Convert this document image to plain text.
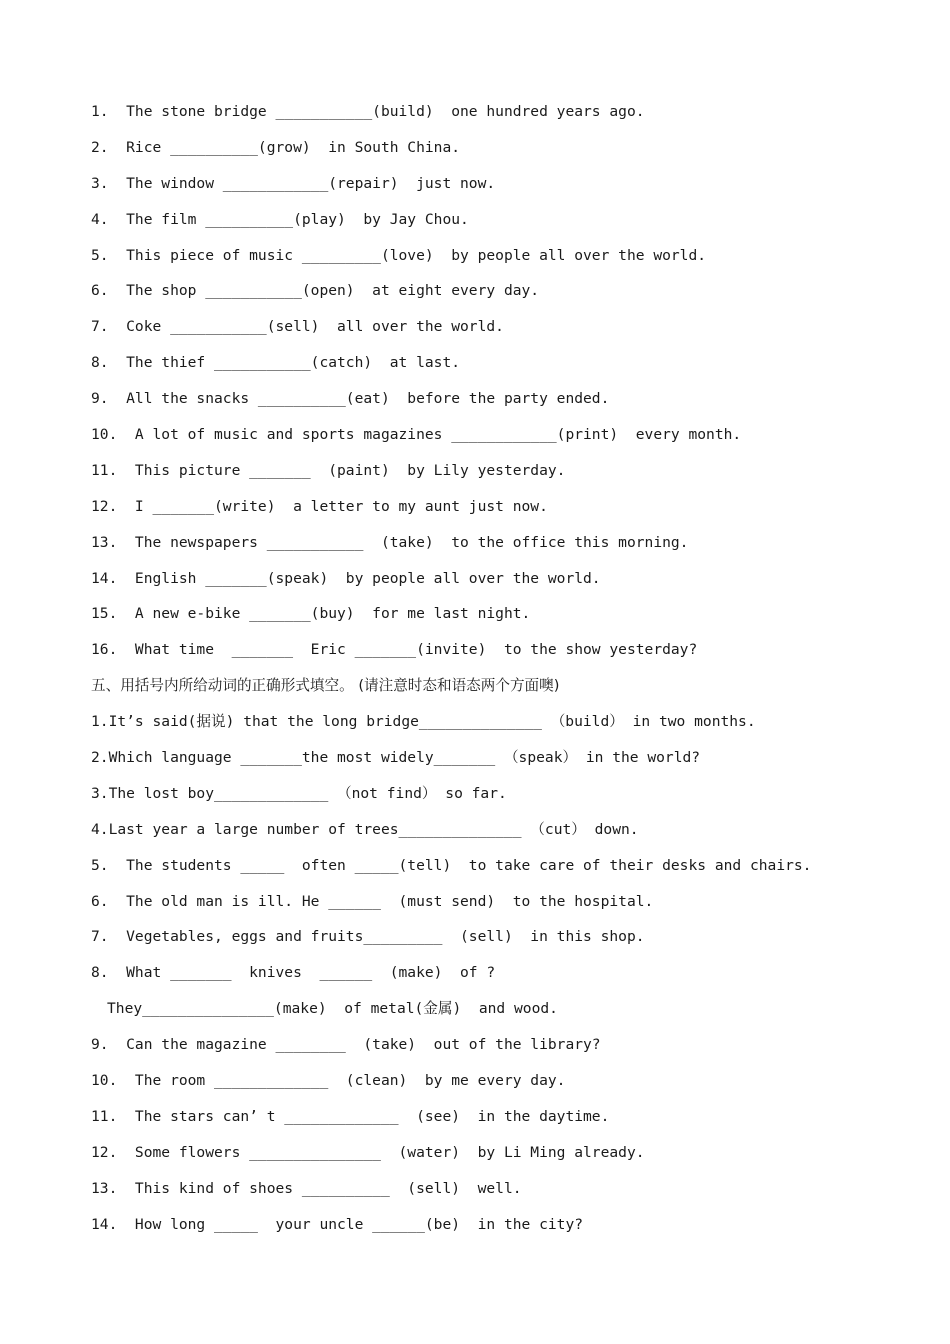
1.  The stone bridge ___________(build)  one hundred years ago.
2.  Rice __________(grow)  in South China.
3.  The window ____________(repair)  just now.
4.  The film __________(play)  by Jay Chou.
5.  This piece of music _________(love)  by people all over the world.
6.  The shop ___________(open)  at eight every day.
7.  Coke ___________(sell)  all over the world.
8.  The thief ___________(catch)  at last.
9.  All the snacks __________(eat)  before the party ended.
10.  A lot of music and sports magazines ____________(print)  every month.
11.  This picture _______  (paint)  by Lily yesterday.
12.  I _______(write)  a letter to my aunt just now.
13.  The newspapers ___________  (take)  to the office this morning.
14.  English _______(speak)  by people all over the world.
15.  A new e-bike _______(buy)  for me last night.
16.  What time  _______  Eric _______(invite)  to the show yesterday?
五、用括号内所给动词的正确形式填空。 (请注意时态和语态两个方面噢)
1.It’s said(据说) that the long bridge______________ （build） in two months.
2.Which language _______the most widely_______ （speak） in the world?
3.The lost boy_____________ （not find） so far.
4.Last year a large number of trees______________ （cut） down.
5.  The students _____  often _____(tell)  to take care of their desks and chairs.
6.  The old man is ill. He ______  (must send)  to the hospital.
7.  Vegetables, eggs and fruits_________  (sell)  in this shop.
8.  What _______  knives  ______  (make)  of ?
They_______________(make)  of metal(金属)  and wood.
9.  Can the magazine ________  (take)  out of the library?
10.  The room _____________  (clean)  by me every day.
11.  The stars can’ t _____________  (see)  in the daytime.
12.  Some flowers _______________  (water)  by Li Ming already.
13.  This kind of shoes __________  (sell)  well.
14.  How long _____  your uncle ______(be)  in the city?
